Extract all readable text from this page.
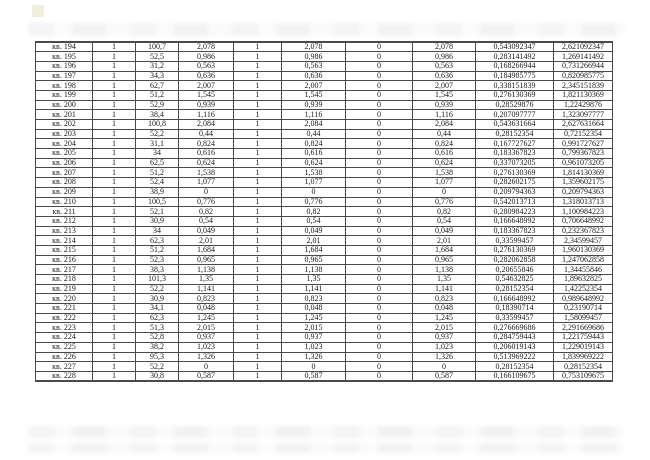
кв. 194	1	100,7	2,078	1	2,078	0	2,078	0,543092347	2,621092347
кв. 195	1	52,5	0,986	1	0,986	0	0,986	0,283141492	1,269141492
кв. 196	1	31,2	0,563	1	0,563	0	0,563	0,168266944	0,731266944
кв. 197	1	34,3	0,636	1	0,636	0	0,636	0,184985775	0,820985775
кв. 198	1	62,7	2,007	1	2,007	0	2,007	0,338151839	2,345151839
кв. 199	1	51,2	1,545	1	1,545	0	1,545	0,276130369	1,821130369
кв. 200	1	52,9	0,939	1	0,939	0	0,939	0,28529876	1,22429876
кв. 201	1	38,4	1,116	1	1,116	0	1,116	0,207097777	1,323097777
кв. 202	1	100,8	2,084	1	2,084	0	2,084	0,543631664	2,627631664
кв. 203	1	52,2	0,44	1	0,44	0	0,44	0,28152354	0,72152354
кв. 204	1	31,1	0,824	1	0,824	0	0,824	0,167727627	0,991727627
кв. 205	1	34	0,616	1	0,616	0	0,616	0,183367823	0,799367823
кв. 206	1	62,5	0,624	1	0,624	0	0,624	0,337073205	0,961073205
кв. 207	1	51,2	1,538	1	1,538	0	1,538	0,276130369	1,814130369
кв. 208	1	52,4	1,077	1	1,077	0	1,077	0,282602175	1,359602175
кв. 209	1	38,9	0	1	0	0	0	0,209794363	0,209794363
кв. 210	1	100,5	0,776	1	0,776	0	0,776	0,542013713	1,318013713
кв. 211	1	52,1	0,82	1	0,82	0	0,82	0,280984223	1,100984223
кв. 212	1	30,9	0,54	1	0,54	0	0,54	0,166648992	0,706648992
кв. 213	1	34	0,049	1	0,049	0	0,049	0,183367823	0,232367823
кв. 214	1	62,3	2,01	1	2,01	0	2,01	0,33599457	2,34599457
кв. 215	1	51,2	1,684	1	1,684	0	1,684	0,276130369	1,960130369
кв. 216	1	52,3	0,965	1	0,965	0	0,965	0,282062858	1,247062858
кв. 217	1	38,3	1,138	1	1,138	0	1,138	0,20655846	1,34455846
кв. 218	1	101,3	1,35	1	1,35	0	1,35	0,54632825	1,89632825
кв. 219	1	52,2	1,141	1	1,141	0	1,141	0,28152354	1,42252354
кв. 220	1	30,9	0,823	1	0,823	0	0,823	0,166648992	0,989648992
кв. 221	1	34,1	0,048	1	0,048	0	0,048	0,18390714	0,23190714
кв. 222	1	62,3	1,245	1	1,245	0	1,245	0,33599457	1,58099457
кв. 223	1	51,3	2,015	1	2,015	0	2,015	0,276669686	2,291669686
кв. 224	1	52,8	0,937	1	0,937	0	0,937	0,284759443	1,221759443
кв. 225	1	38,2	1,023	1	1,023	0	1,023	0,206019143	1,229019143
кв. 226	1	95,3	1,326	1	1,326	0	1,326	0,513969222	1,839969222
кв. 227	1	52,2	0	1	0	0	0	0,28152354	0,28152354
кв. 228	1	30,8	0,587	1	0,587	0	0,587	0,166109675	0,753109675
